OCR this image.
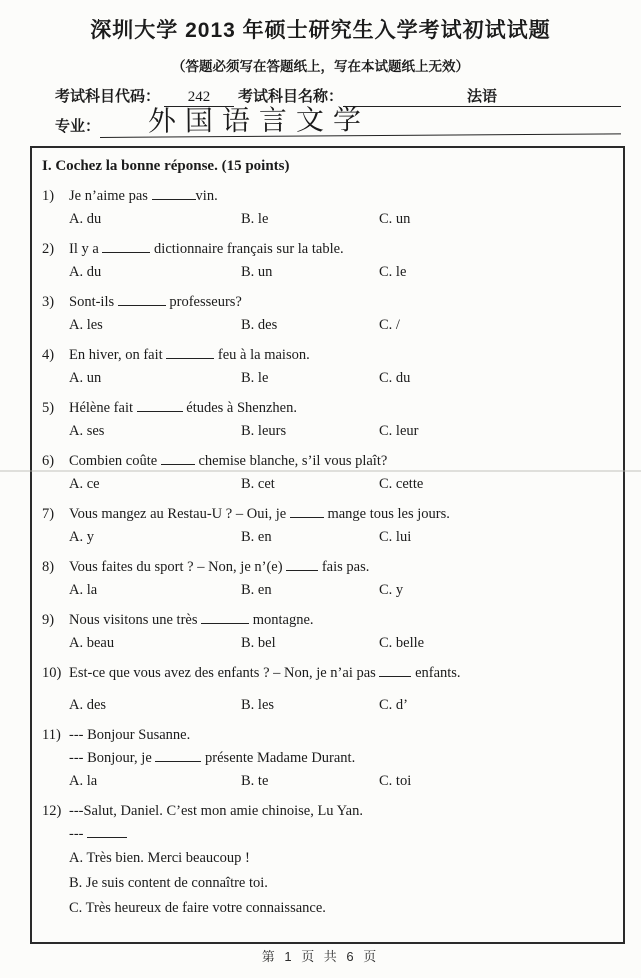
深圳大学 2013 年硕士研究生入学考试初试试题
（答题必须写在答题纸上，写在本试题纸上无效）
考试科目代码：	242	考试科目名称：	法语
专业：	外国语言文学
I. Cochez la bonne réponse. (15 points)
1)	Je n’aime pas	vin.
A. du	B. le	C. un
2)	Il y a	dictionnaire français sur la table.
A. du	B. un	C. le
3)	Sont-ils	professeurs?
A. les	B. des	C. /
4)	En hiver, on fait	feu à la maison.
A. un	B. le	C. du
5)	Hélène fait	études à Shenzhen.
A. ses	B. leurs	C. leur
6)	Combien coûte  chemise blanche, s’il vous plaît?
A. ce	B. cet	C. cette
7)	Vous mangez au Restau-U ? – Oui, je  mange tous les jours.
A. y	B. en	C. lui
8)	Vous faites du sport ? – Non, je n’(e)  fais pas.
A. la	B. en	C. y
9)	Nous visitons une très	montagne.
A. beau	B. bel	C. belle
10) Est-ce que vous avez des enfants ? – Non, je n’ai pas  enfants.
A. des	B. les	C. d’
11) --- Bonjour Susanne.

--- Bonjour, je	présente Madame Durant.
A. la	B. te	C. toi
12) ---Salut, Daniel. C’est mon amie chinoise, Lu Yan.

---
A. Très bien. Merci beaucoup !
B. Je suis content de connaître toi.
C. Très heureux de faire votre connaissance.
第 1 页 共 6 页
